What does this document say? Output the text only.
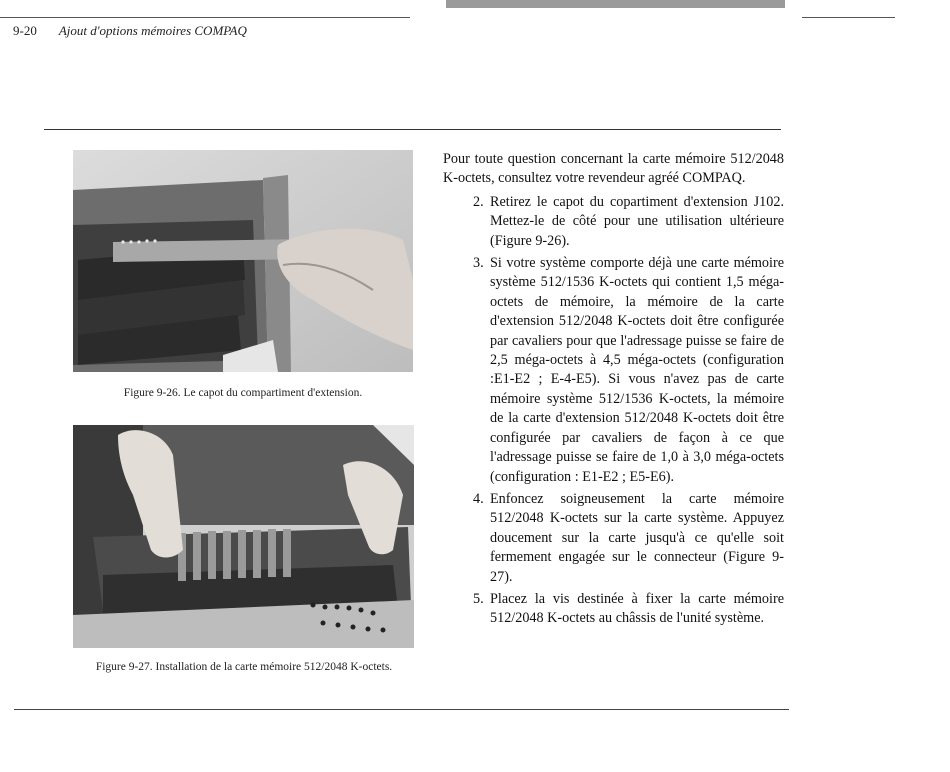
9-20 Ajout d'options mémoires COMPAQ
Figure 9-26. Le capot du compartiment d'extension.
Figure 9-27. Installation de la carte mémoire 512/2048 K-octets.

Pour toute question concernant la carte mémoire 512/2048 K-octets, consultez votre revendeur agréé COMPAQ.

2. Retirez le capot du copartiment d'extension J102. Mettez-le de côté pour une utilisation ultérieure (Figure 9-26).
3. Si votre système comporte déjà une carte mémoire système 512/1536 K-octets qui contient 1,5 méga-octets de mémoire, la mémoire de la carte d'extension 512/2048 K-octets doit être configurée par cavaliers pour que l'adressage puisse se faire de 2,5 méga-octets à 4,5 méga-octets (configuration :E1-E2 ; E-4-E5). Si vous n'avez pas de carte mémoire système 512/1536 K-octets, la mémoire de la carte d'extension 512/2048 K-octets doit être configurée par cavaliers de façon à ce que l'adressage puisse se faire de 1,0 à 3,0 méga-octets (configuration : E1-E2 ; E5-E6).
4. Enfoncez soigneusement la carte mémoire 512/2048 K-octets sur la carte système. Appuyez doucement sur la carte jusqu'à ce qu'elle soit fermement engagée sur le connecteur (Figure 9-27).
5. Placez la vis destinée à fixer la carte mémoire 512/2048 K-octets au châssis de l'unité système.
